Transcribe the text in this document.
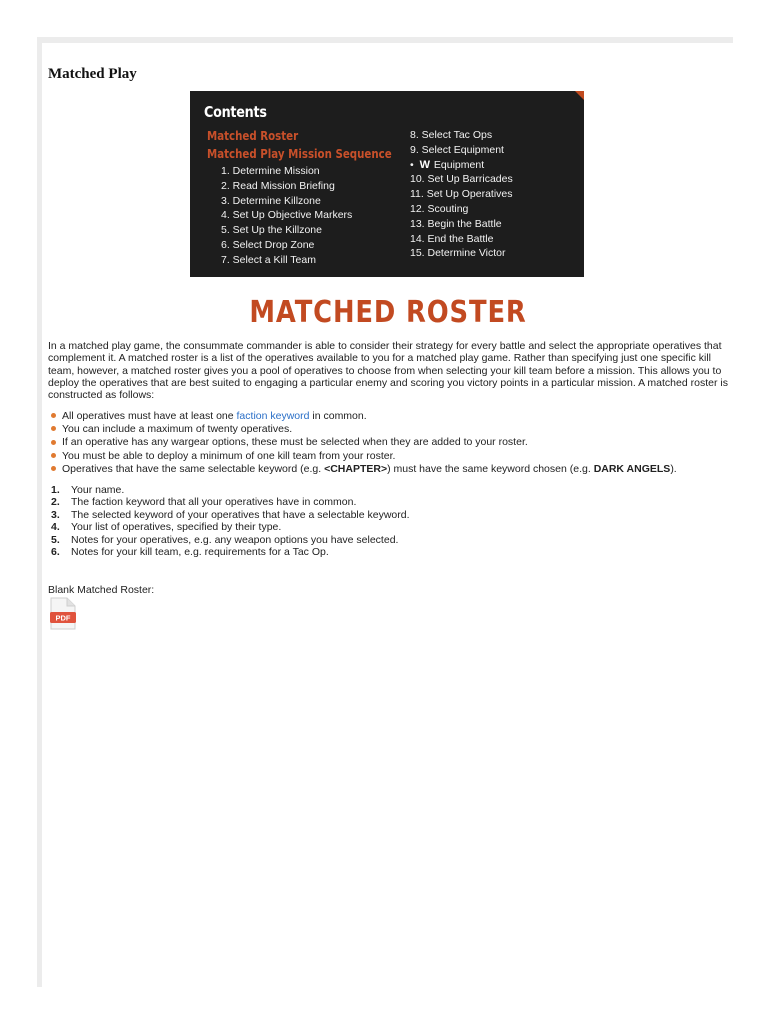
Matched Play
Contents
Matched Roster
Matched Play Mission Sequence
1. Determine Mission
2. Read Mission Briefing
3. Determine Killzone
4. Set Up Objective Markers
5. Set Up the Killzone
6. Select Drop Zone
7. Select a Kill Team
8. Select Tac Ops
9. Select Equipment
• W Equipment
10. Set Up Barricades
11. Set Up Operatives
12. Scouting
13. Begin the Battle
14. End the Battle
15. Determine Victor
MATCHED ROSTER

In a matched play game, the consummate commander is able to consider their strategy for every battle and select the appropriate operatives that complement it. A matched roster is a list of the operatives available to you for a matched play game. Rather than specifying just one specific kill team, however, a matched roster gives you a pool of operatives to choose from when selecting your kill team before a mission. This allows you to deploy the operatives that are best suited to engaging a particular enemy and scoring you victory points in a particular mission. A matched roster is constructed as follows:

All operatives must have at least one faction keyword in common.
You can include a maximum of twenty operatives.
If an operative has any wargear options, these must be selected when they are added to your roster.
You must be able to deploy a minimum of one kill team from your roster.
Operatives that have the same selectable keyword (e.g. <CHAPTER>) must have the same keyword chosen (e.g. DARK ANGELS).
1. Your name.
2. The faction keyword that all your operatives have in common.
3. The selected keyword of your operatives that have a selectable keyword.
4. Your list of operatives, specified by their type.
5. Notes for your operatives, e.g. any weapon options you have selected.
6. Notes for your kill team, e.g. requirements for a Tac Op.
Blank Matched Roster:
PDF
